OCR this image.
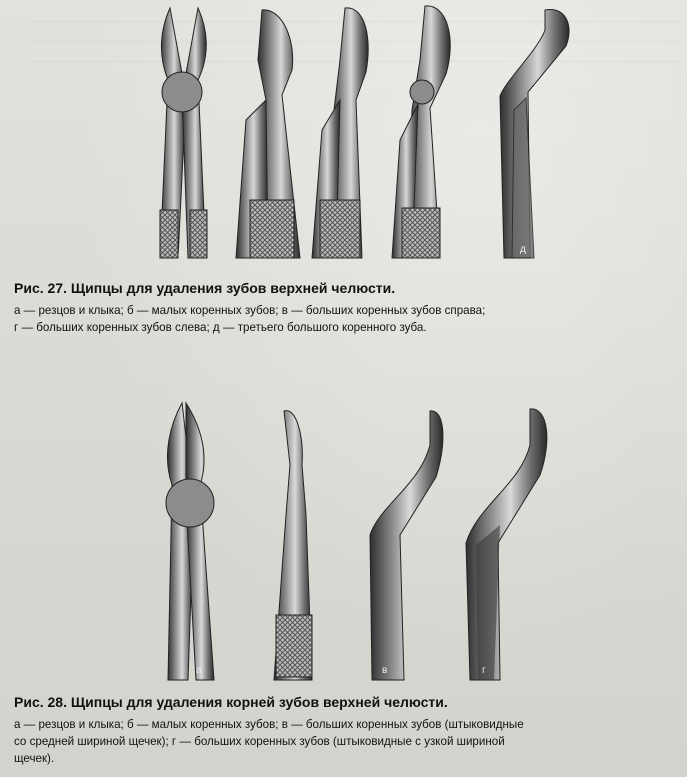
а	д
Рис. 27. Щипцы для удаления зубов верхней челюсти.
а — резцов и клыка; б — малых коренных зубов; в — больших коренных зубов справа;
г — больших коренных зубов слева; д — третьего большого коренного зуба.
а	в	г
Рис. 28. Щипцы для удаления корней зубов верхней челюсти.
а — резцов и клыка; б — малых коренных зубов; в — больших коренных зубов (штыковидные
со средней шириной щечек); г — больших коренных зубов (штыковидные с узкой шириной
щечек).
